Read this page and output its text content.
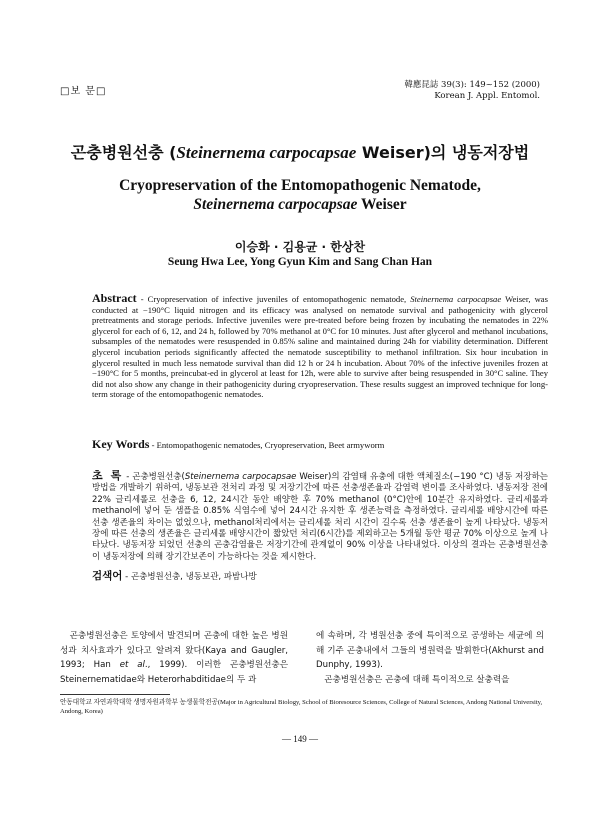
□보 문□
韓應昆誌 39(3): 149~152 (2000)
Korean J. Appl. Entomol.
곤충병원선충 (Steinernema carpocapsae Weiser)의 냉동저장법
Cryopreservation of the Entomopathogenic Nematode,
Steinernema carpocapsae Weiser
이승화 · 김용균 · 한상찬
Seung Hwa Lee, Yong Gyun Kim and Sang Chan Han
Abstract - Cryopreservation of infective juveniles of entomopathogenic nematode, Steinernema carpocapsae Weiser, was conducted at −190°C liquid nitrogen and its efficacy was analysed on nematode survival and pathogenicity with glycerol pretreatments and storage periods. Infective juveniles were pre-treated before being frozen by incubating the nematodes in 22% glycerol for each of 6, 12, and 24 h, followed by 70% methanol at 0°C for 10 minutes. Just after glycerol and methanol incubations, subsamples of the nematodes were resuspended in 0.85% saline and maintained during 24h for viability determination. Different glycerol incubation periods significantly affected the nematode susceptibility to methanol infiltration. Six hour incubation in glycerol resulted in much less nematode survival than did 12 h or 24 h incubation. About 70% of the infective juveniles frozen at −190°C for 5 months, preincubat-ed in glycerol at least for 12h, were able to survive after being resuspended in 30°C saline. They did not also show any change in their pathogenicity during cryopreservation. These results suggest an improved technique for long-term storage of the entomopathogenic nematodes.
Key Words - Entomopathogenic nematodes, Cryopreservation, Beet armyworm
초 록 - 곤충병원선충(Steinernema carpocapsae Weiser)의 감염태 유충에 대한 액체질소(−190 °C) 냉동 저장하는 방법을 개발하기 위하여, 냉동보관 전처리 과정 및 저장기간에 따른 선충생존율과 감염력 변이를 조사하였다. 냉동저장 전에 22% 글리세롤로 선충을 6, 12, 24시간 동안 배양한 후 70% methanol (0°C)안에 10분간 유지하였다. 글리세롤과 methanol에 넣어 둔 샘플을 0.85% 식염수에 넣어 24시간 유지한 후 생존능력을 측정하였다. 글리세롤 배양시간에 따른 선충 생존율의 차이는 없었으나, methanol처리에서는 글리세롤 처리 시간이 길수록 선충 생존율이 높게 나타났다. 냉동저장에 따른 선충의 생존율은 글리세롤 배양시간이 짧았던 처리(6시간)를 제외하고는 5개월 동안 평균 70% 이상으로 높게 나타났다. 냉동저장 되었던 선충의 곤충감염율은 저장기간에 관계없이 90% 이상을 나타내었다. 이상의 결과는 곤충병원선충이 냉동저장에 의해 장기간보존이 가능하다는 것을 제시한다.
검색어 - 곤충병원선충, 냉동보관, 파밤나방
곤충병원선충은 토양에서 발견되며 곤충에 대한 높은 병원성과 치사효과가 있다고 알려져 왔다(Kaya and Gaugler, 1993; Han et al., 1999). 이러한 곤충병원선충은 Steinernematidae와 Heterorhabditidae의 두 과
에 속하며, 각 병원선충 중에 특이적으로 공생하는 세균에 의해 기주 곤충내에서 그들의 병원력을 발휘한다(Akhurst and Dunphy, 1993).
곤충병원선충은 곤충에 대해 특이적으로 살충력을
안동대학교 자연과학대학 생명자원과학부 농생물학전공(Major in Agricultural Biology, School of Bioresource Sciences, College of Natural Sciences, Andong National University, Andong, Korea)
— 149 —
